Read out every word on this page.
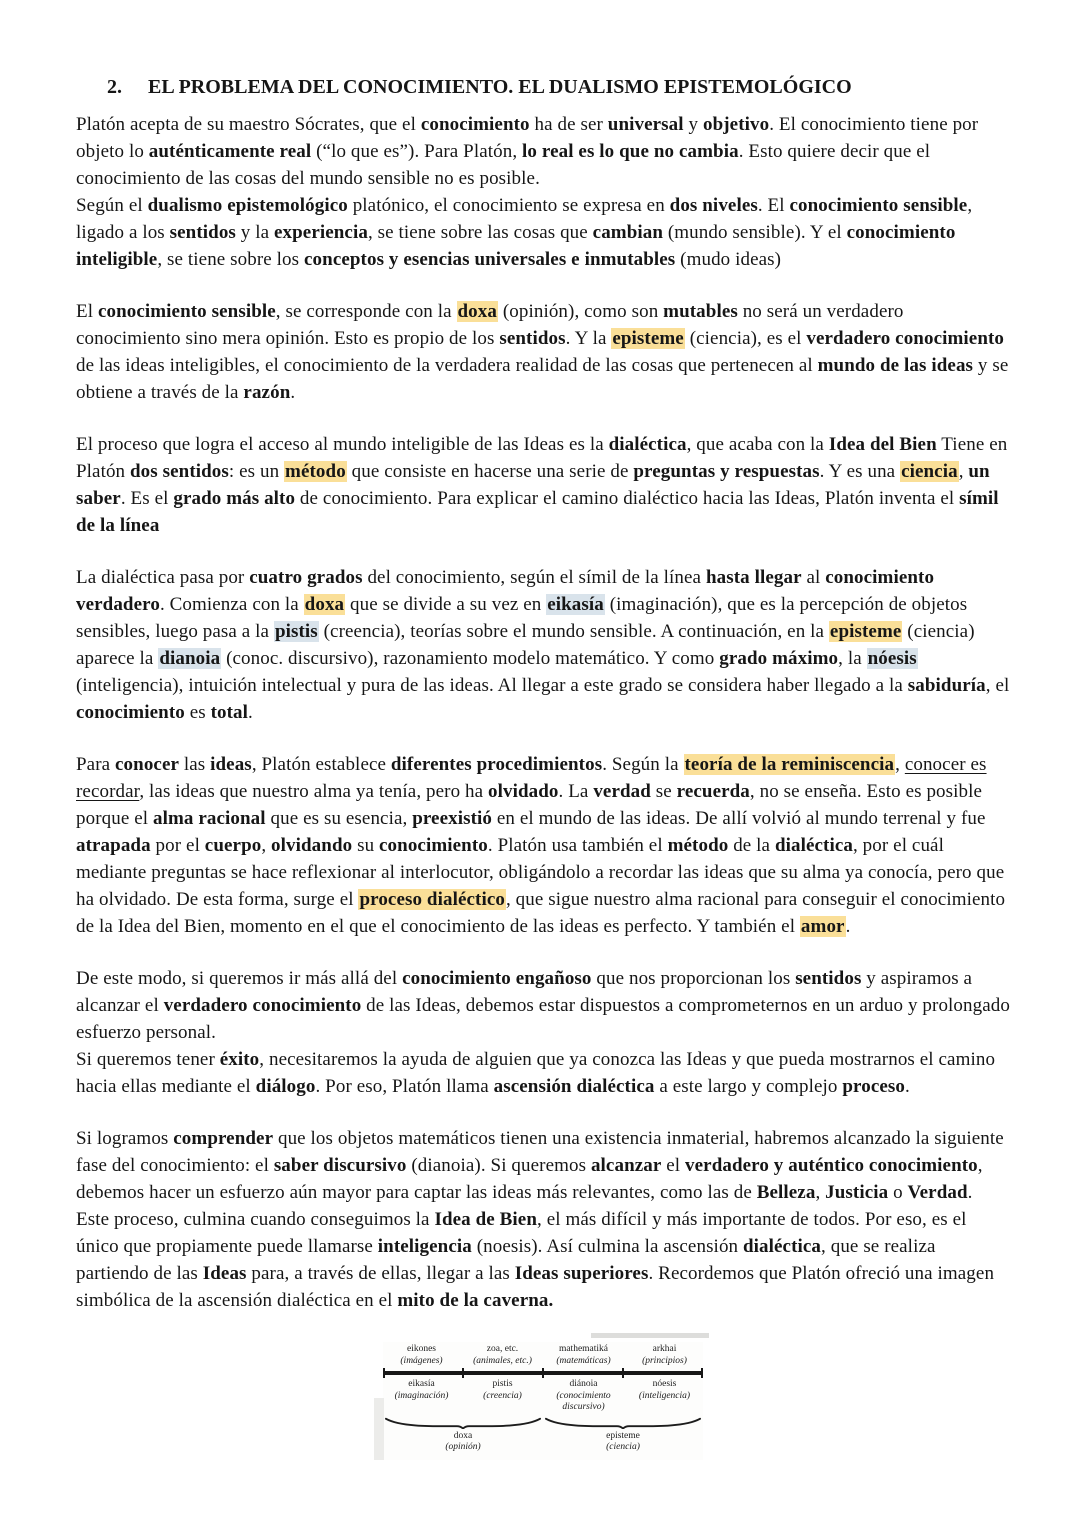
2. EL PROBLEMA DEL CONOCIMIENTO. EL DUALISMO EPISTEMOLÓGICO

Platón acepta de su maestro Sócrates, que el conocimiento ha de ser universal y objetivo. El conocimiento tiene por objeto lo auténticamente real (“lo que es”). Para Platón, lo real es lo que no cambia. Esto quiere decir que el conocimiento de las cosas del mundo sensible no es posible.

Según el dualismo epistemológico platónico, el conocimiento se expresa en dos niveles. El conocimiento sensible, ligado a los sentidos y la experiencia, se tiene sobre las cosas que cambian (mundo sensible). Y el conocimiento inteligible, se tiene sobre los conceptos y esencias universales e inmutables (mudo ideas)

El conocimiento sensible, se corresponde con la doxa (opinión), como son mutables no será un verdadero conocimiento sino mera opinión. Esto es propio de los sentidos. Y la episteme (ciencia), es el verdadero conocimiento de las ideas inteligibles, el conocimiento de la verdadera realidad de las cosas que pertenecen al mundo de las ideas y se obtiene a través de la razón.

El proceso que logra el acceso al mundo inteligible de las Ideas es la dialéctica, que acaba con la Idea del Bien Tiene en Platón dos sentidos: es un método que consiste en hacerse una serie de preguntas y respuestas. Y es una ciencia, un saber. Es el grado más alto de conocimiento. Para explicar el camino dialéctico hacia las Ideas, Platón inventa el símil de la línea

La dialéctica pasa por cuatro grados del conocimiento, según el símil de la línea hasta llegar al conocimiento verdadero. Comienza con la doxa que se divide a su vez en eikasía (imaginación), que es la percepción de objetos sensibles, luego pasa a la pistis (creencia), teorías sobre el mundo sensible. A continuación, en la episteme (ciencia) aparece la dianoia (conoc. discursivo), razonamiento modelo matemático. Y como grado máximo, la nóesis (inteligencia), intuición intelectual y pura de las ideas. Al llegar a este grado se considera haber llegado a la sabiduría, el conocimiento es total.

Para conocer las ideas, Platón establece diferentes procedimientos. Según la teoría de la reminiscencia, conocer es recordar, las ideas que nuestro alma ya tenía, pero ha olvidado. La verdad se recuerda, no se enseña. Esto es posible porque el alma racional que es su esencia, preexistió en el mundo de las ideas. De allí volvió al mundo terrenal y fue atrapada por el cuerpo, olvidando su conocimiento. Platón usa también el método de la dialéctica, por el cuál mediante preguntas se hace reflexionar al interlocutor, obligándolo a recordar las ideas que su alma ya conocía, pero que ha olvidado. De esta forma, surge el proceso dialéctico, que sigue nuestro alma racional para conseguir el conocimiento de la Idea del Bien, momento en el que el conocimiento de las ideas es perfecto. Y también el amor.

De este modo, si queremos ir más allá del conocimiento engañoso que nos proporcionan los sentidos y aspiramos a alcanzar el verdadero conocimiento de las Ideas, debemos estar dispuestos a comprometernos en un arduo y prolongado esfuerzo personal.

Si queremos tener éxito, necesitaremos la ayuda de alguien que ya conozca las Ideas y que pueda mostrarnos el camino hacia ellas mediante el diálogo. Por eso, Platón llama ascensión dialéctica a este largo y complejo proceso.

Si logramos comprender que los objetos matemáticos tienen una existencia inmaterial, habremos alcanzado la siguiente fase del conocimiento: el saber discursivo (dianoia). Si queremos alcanzar el verdadero y auténtico conocimiento, debemos hacer un esfuerzo aún mayor para captar las ideas más relevantes, como las de Belleza, Justicia o Verdad. Este proceso, culmina cuando conseguimos la Idea de Bien, el más difícil y más importante de todos. Por eso, es el único que propiamente puede llamarse inteligencia (noesis). Así culmina la ascensión dialéctica, que se realiza partiendo de las Ideas para, a través de ellas, llegar a las Ideas superiores. Recordemos que Platón ofreció una imagen simbólica de la ascensión dialéctica en el mito de la caverna.

eikones
(imágenes)
zoa, etc.
(animales, etc.)
mathematiká
(matemáticas)
arkhai
(principios)
eikasía
(imaginación)
pistis
(creencia)
diánoia
(conocimiento discursivo)
nóesis
(inteligencia)
doxa
(opinión)
episteme
(ciencia)
